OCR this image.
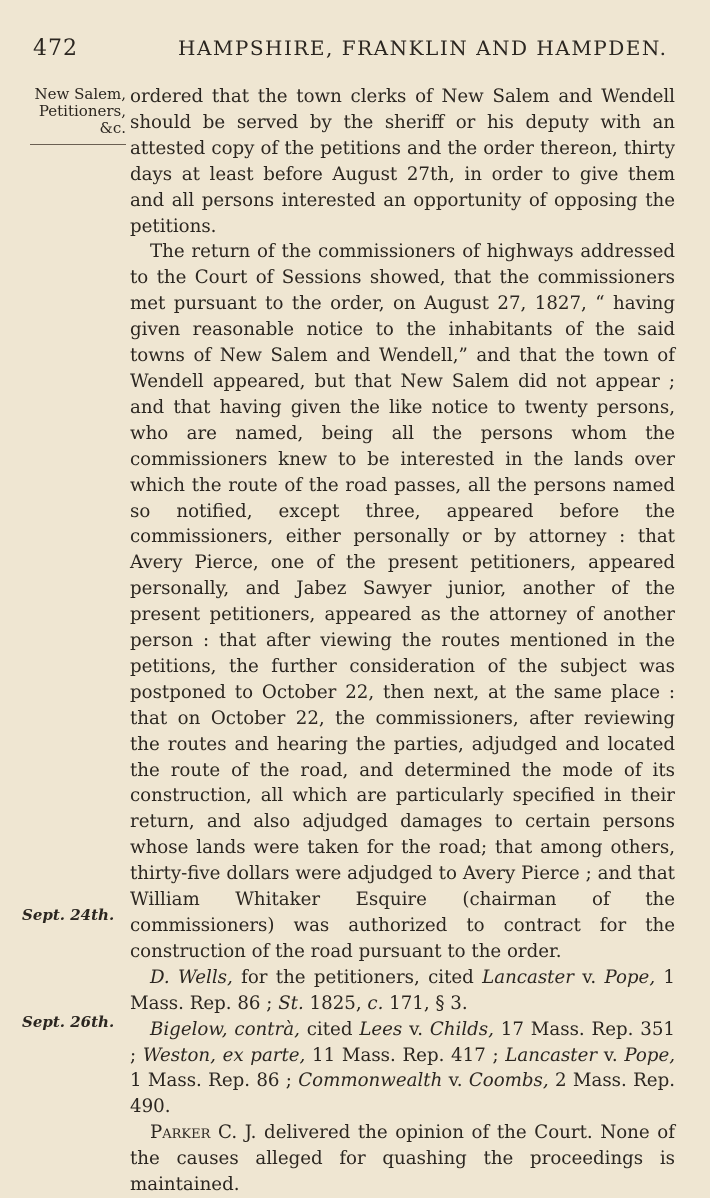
472	HAMPSHIRE, FRANKLIN AND HAMPDEN.
New Salem,
Petitioners,
&c.
Sept. 24th.
Sept. 26th.

ordered that the town clerks of New Salem and Wendell should be served by the sheriff or his deputy with an attested copy of the petitions and the order thereon, thirty days at least before August 27th, in order to give them and all persons interested an opportunity of opposing the petitions.

The return of the commissioners of highways addressed to the Court of Sessions showed, that the commissioners met pursuant to the order, on August 27, 1827, “ having given reasonable notice to the inhabitants of the said towns of New Salem and Wendell,” and that the town of Wendell appeared, but that New Salem did not appear ; and that having given the like notice to twenty persons, who are named, being all the persons whom the commissioners knew to be interested in the lands over which the route of the road passes, all the persons named so notified, except three, appeared before the commissioners, either personally or by attorney : that Avery Pierce, one of the present petitioners, appeared personally, and Jabez Sawyer junior, another of the present petitioners, appeared as the attorney of another person : that after viewing the routes mentioned in the petitions, the further consideration of the subject was postponed to October 22, then next, at the same place : that on October 22, the commissioners, after reviewing the routes and hearing the parties, adjudged and located the route of the road, and determined the mode of its construction, all which are particularly specified in their return, and also adjudged damages to certain persons whose lands were taken for the road; that among others, thirty-five dollars were adjudged to Avery Pierce ; and that William Whitaker Esquire (chairman of the commissioners) was authorized to contract for the construction of the road pursuant to the order.

D. Wells, for the petitioners, cited Lancaster v. Pope, 1 Mass. Rep. 86 ; St. 1825, c. 171, § 3.

Bigelow, contrà, cited Lees v. Childs, 17 Mass. Rep. 351 ; Weston, ex parte, 11 Mass. Rep. 417 ; Lancaster v. Pope, 1 Mass. Rep. 86 ; Commonwealth v. Coombs, 2 Mass. Rep. 490.

Parker C. J. delivered the opinion of the Court. None of the causes alleged for quashing the proceedings is maintained.
